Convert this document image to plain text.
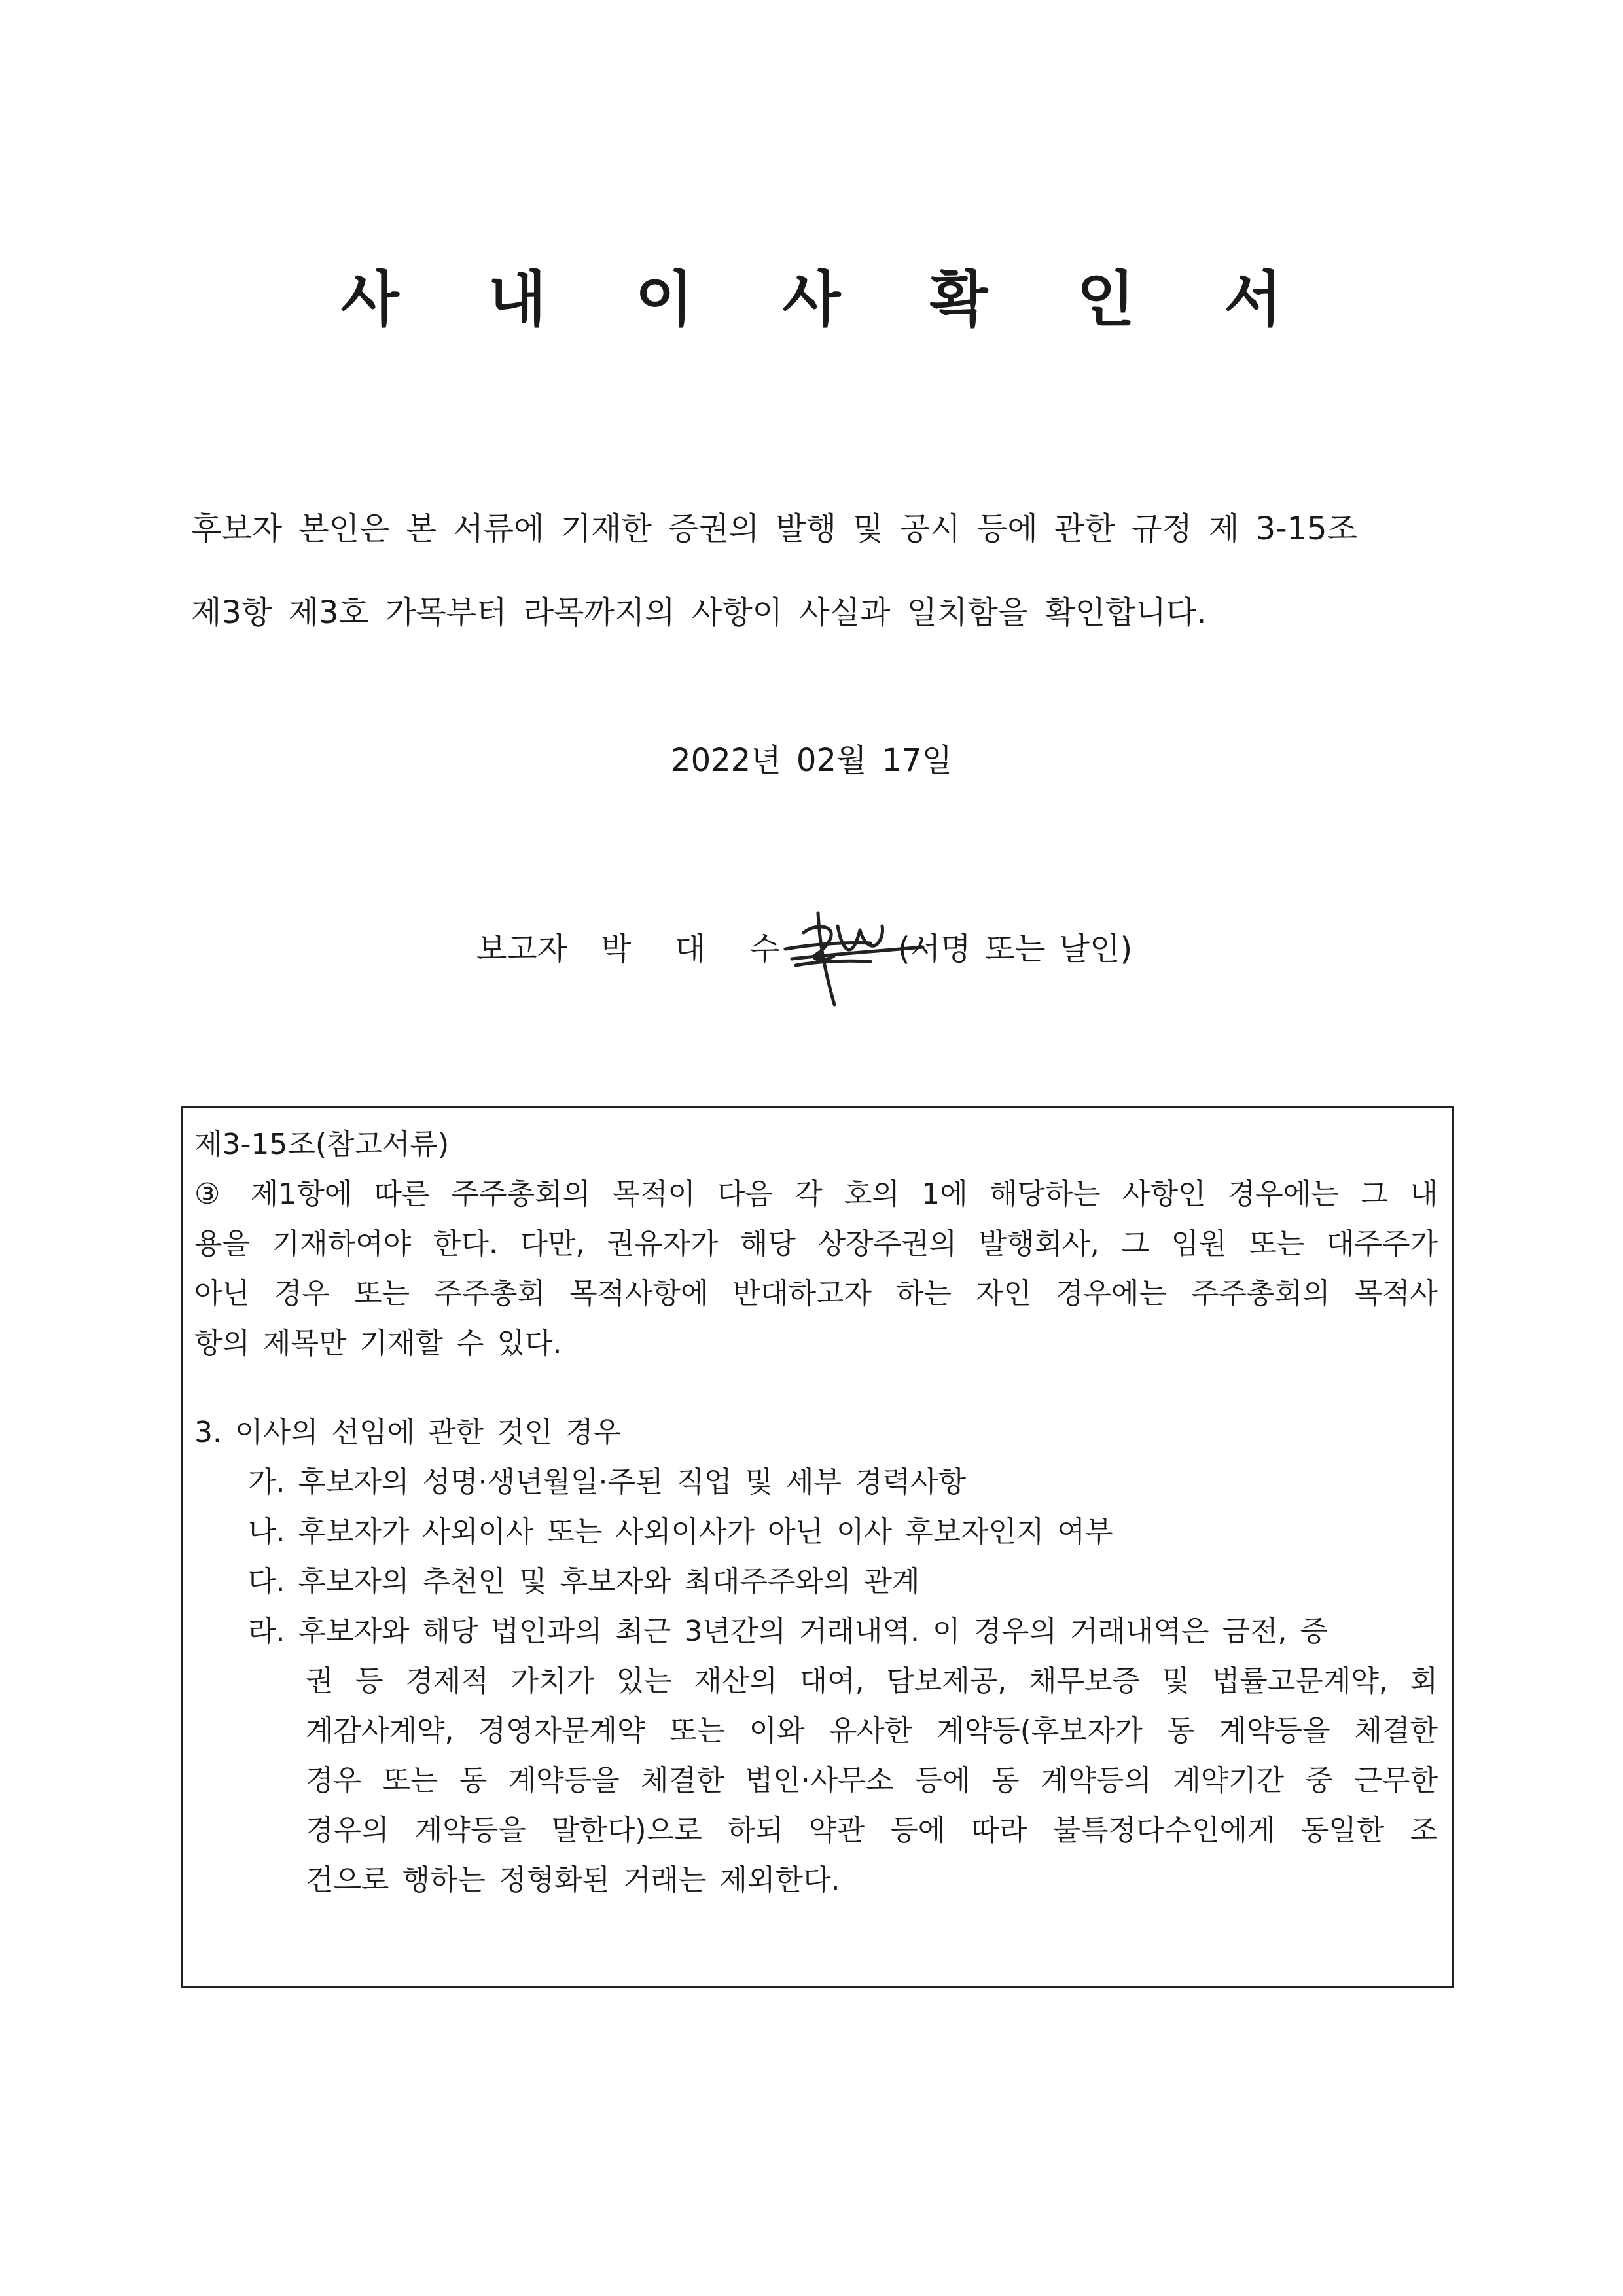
사 내 이 사 확 인 서
후보자 본인은 본 서류에 기재한 증권의 발행 및 공시 등에 관한 규정 제 3-15조
제3항 제3호 가목부터 라목까지의 사항이 사실과 일치함을 확인합니다.
2022년 02월 17일
보고자 박 대 수	(서명 또는 날인)
제3-15조(참고서류)
③ 제1항에 따른 주주총회의 목적이 다음 각 호의 1에 해당하는 사항인 경우에는 그 내
용을 기재하여야 한다. 다만, 권유자가 해당 상장주권의 발행회사, 그 임원 또는 대주주가
아닌 경우 또는 주주총회 목적사항에 반대하고자 하는 자인 경우에는 주주총회의 목적사
항의 제목만 기재할 수 있다.
3. 이사의 선임에 관한 것인 경우
가. 후보자의 성명·생년월일·주된 직업 및 세부 경력사항
나. 후보자가 사외이사 또는 사외이사가 아닌 이사 후보자인지 여부
다. 후보자의 추천인 및 후보자와 최대주주와의 관계
라. 후보자와 해당 법인과의 최근 3년간의 거래내역. 이 경우의 거래내역은 금전, 증
권 등 경제적 가치가 있는 재산의 대여, 담보제공, 채무보증 및 법률고문계약, 회
계감사계약, 경영자문계약 또는 이와 유사한 계약등(후보자가 동 계약등을 체결한
경우 또는 동 계약등을 체결한 법인·사무소 등에 동 계약등의 계약기간 중 근무한
경우의 계약등을 말한다)으로 하되 약관 등에 따라 불특정다수인에게 동일한 조
건으로 행하는 정형화된 거래는 제외한다.
